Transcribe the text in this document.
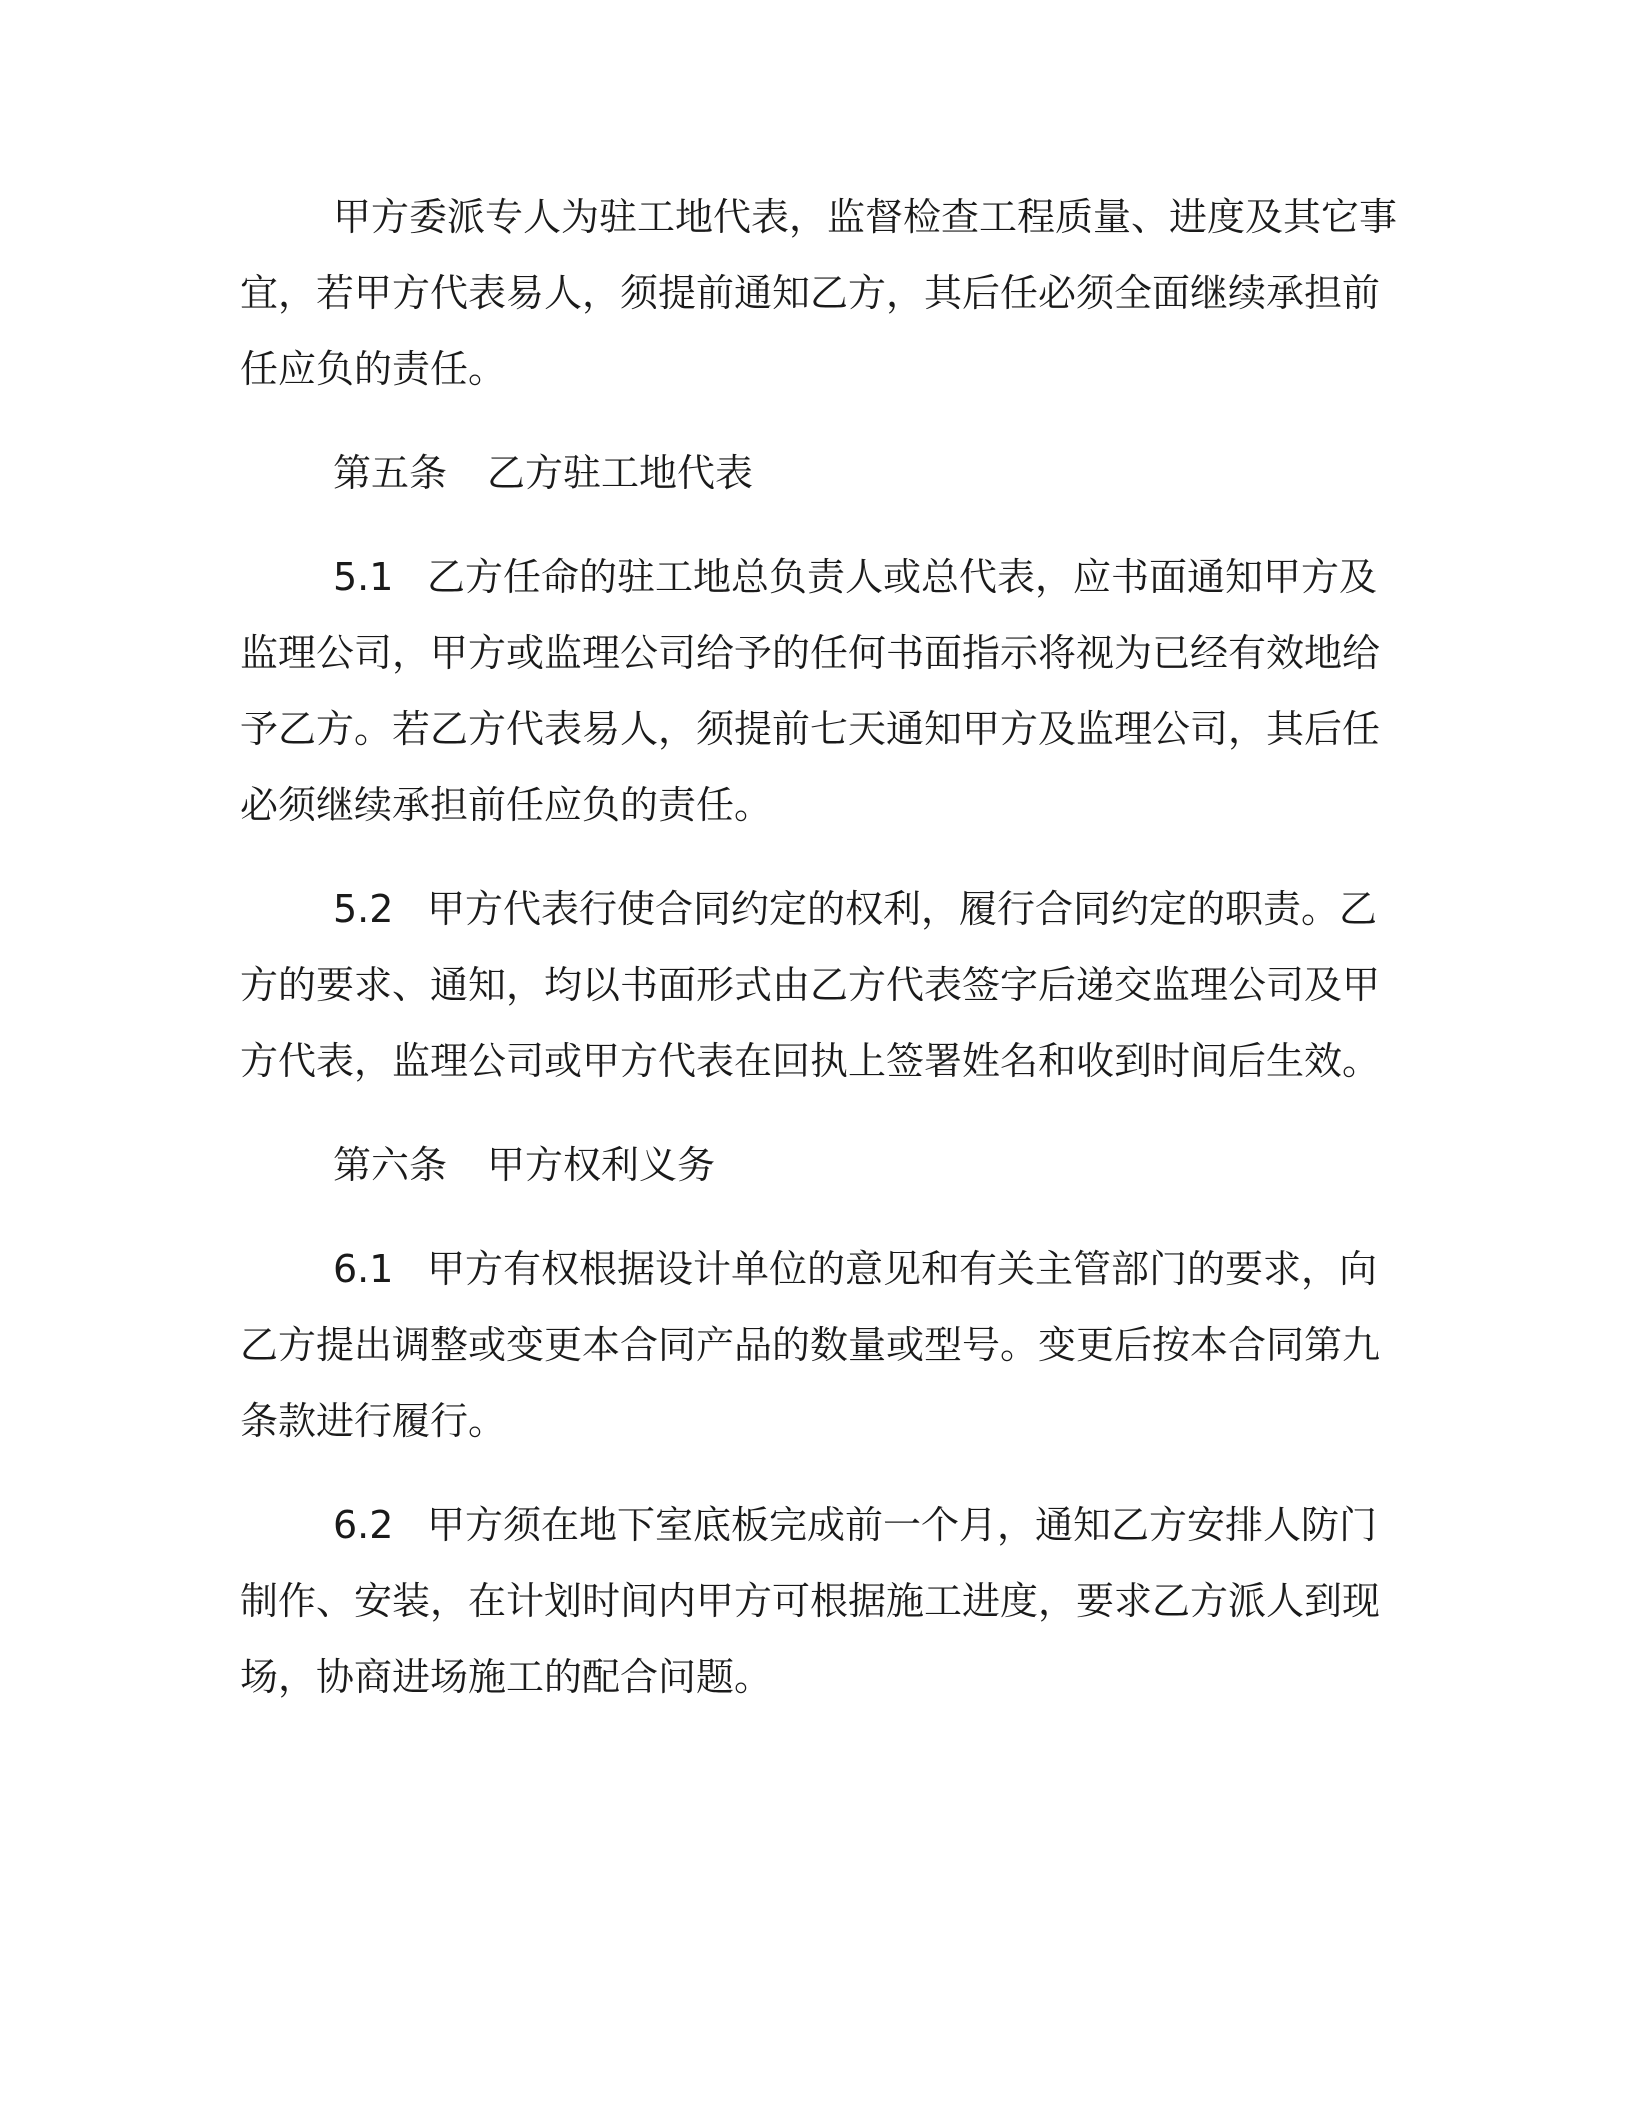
甲方委派专人为驻工地代表，监督检查工程质量、进度及其它事
宜，若甲方代表易人，须提前通知乙方，其后任必须全面继续承担前
任应负的责任。
第五条 乙方驻工地代表
5.1 乙方任命的驻工地总负责人或总代表，应书面通知甲方及
监理公司，甲方或监理公司给予的任何书面指示将视为已经有效地给
予乙方。若乙方代表易人，须提前七天通知甲方及监理公司，其后任
必须继续承担前任应负的责任。
5.2 甲方代表行使合同约定的权利，履行合同约定的职责。乙
方的要求、通知，均以书面形式由乙方代表签字后递交监理公司及甲
方代表，监理公司或甲方代表在回执上签署姓名和收到时间后生效。
第六条 甲方权利义务
6.1 甲方有权根据设计单位的意见和有关主管部门的要求，向
乙方提出调整或变更本合同产品的数量或型号。变更后按本合同第九
条款进行履行。
6.2 甲方须在地下室底板完成前一个月，通知乙方安排人防门
制作、安装，在计划时间内甲方可根据施工进度，要求乙方派人到现
场，协商进场施工的配合问题。
